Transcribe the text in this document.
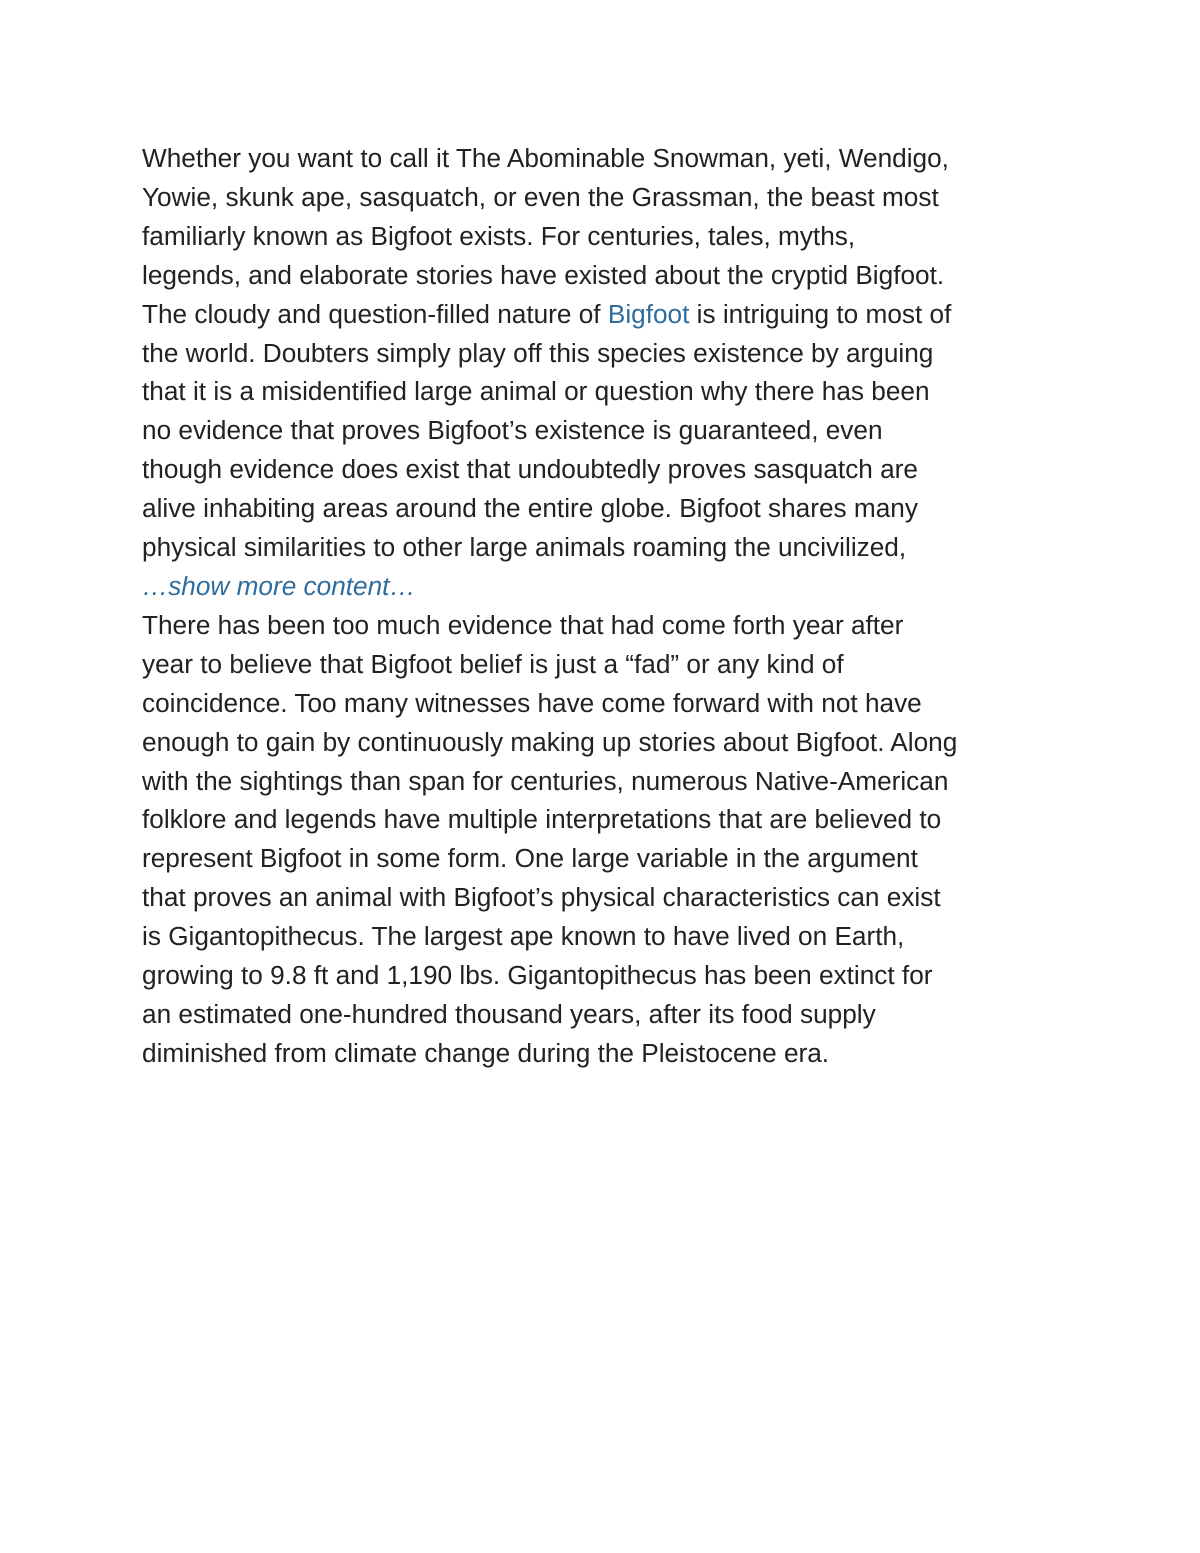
Whether you want to call it The Abominable Snowman, yeti, Wendigo,
Yowie, skunk ape, sasquatch, or even the Grassman, the beast most
familiarly known as Bigfoot exists. For centuries, tales, myths,
legends, and elaborate stories have existed about the cryptid Bigfoot.
The cloudy and question-filled nature of Bigfoot is intriguing to most of
the world. Doubters simply play off this species existence by arguing
that it is a misidentified large animal or question why there has been
no evidence that proves Bigfoot’s existence is guaranteed, even
though evidence does exist that undoubtedly proves sasquatch are
alive inhabiting areas around the entire globe. Bigfoot shares many
physical similarities to other large animals roaming the uncivilized,
…show more content…
There has been too much evidence that had come forth year after
year to believe that Bigfoot belief is just a “fad” or any kind of
coincidence. Too many witnesses have come forward with not have
enough to gain by continuously making up stories about Bigfoot. Along
with the sightings than span for centuries, numerous Native-American
folklore and legends have multiple interpretations that are believed to
represent Bigfoot in some form. One large variable in the argument
that proves an animal with Bigfoot’s physical characteristics can exist
is Gigantopithecus. The largest ape known to have lived on Earth,
growing to 9.8 ft and 1,190 lbs. Gigantopithecus has been extinct for
an estimated one-hundred thousand years, after its food supply
diminished from climate change during the Pleistocene era.
